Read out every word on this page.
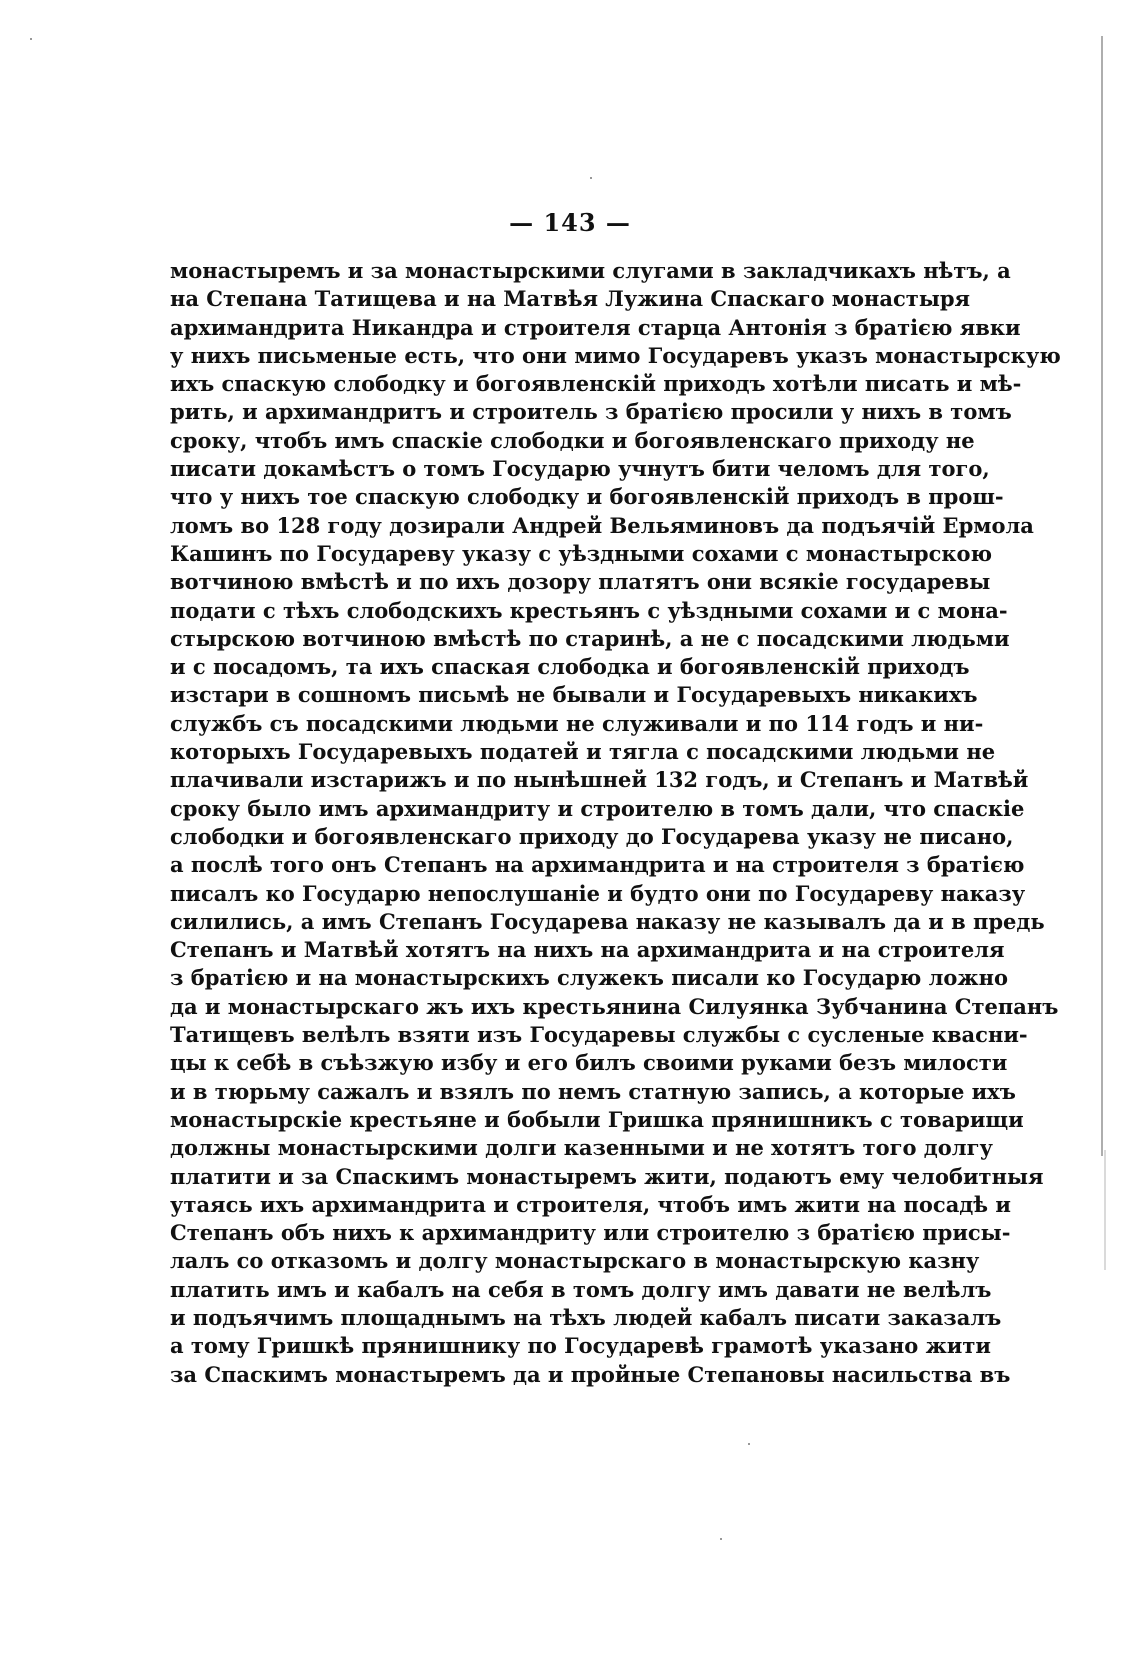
— 143 —
монастыремъ и за монастырскими слугами в закладчикахъ нѣтъ, а
на Степана Татищева и на Матвѣя Лужина Спаскаго монастыря
архимандрита Никандра и строителя старца Антонія з братією явки
у нихъ письменые есть, что они мимо Государевъ указъ монастырскую
ихъ спаскую слободку и богоявленскій приходъ хотѣли писать и мѣ-
рить, и архимандритъ и строитель з братією просили у нихъ в томъ
сроку, чтобъ имъ спаскіе слободки и богоявленскаго приходу не
писати докамѣстъ о томъ Государю учнутъ бити челомъ для того,
что у нихъ тое спаскую слободку и богоявленскій приходъ в прош-
ломъ во 128 году дозирали Андрей Вельяминовъ да подъячій Ермола
Кашинъ по Государеву указу с уѣздными сохами с монастырскою
вотчиною вмѣстѣ и по ихъ дозору платятъ они всякіе государевы
подати с тѣхъ слободскихъ крестьянъ с уѣздными сохами и с мона-
стырскою вотчиною вмѣстѣ по старинѣ, а не с посадскими людьми
и с посадомъ, та ихъ спаская слободка и богоявленскій приходъ
изстари в сошномъ письмѣ не бывали и Государевыхъ никакихъ
службъ съ посадскими людьми не служивали и по 114 годъ и ни-
которыхъ Государевыхъ податей и тягла с посадскими людьми не
плачивали изстарижъ и по нынѣшней 132 годъ, и Степанъ и Матвѣй
сроку было имъ архимандриту и строителю в томъ дали, что спаскіе
слободки и богоявленскаго приходу до Государева указу не писано,
а послѣ того онъ Степанъ на архимандрита и на строителя з братією
писалъ ко Государю непослушаніе и будто они по Государеву наказу
силились, а имъ Степанъ Государева наказу не казывалъ да и в предь
Степанъ и Матвѣй хотятъ на нихъ на архимандрита и на строителя
з братією и на монастырскихъ служекъ писали ко Государю ложно
да и монастырскаго жъ ихъ крестьянина Силуянка Зубчанина Степанъ
Татищевъ велѣлъ взяти изъ Государевы службы с сусленые квасни-
цы к себѣ в съѣзжую избу и его билъ своими руками безъ милости
и в тюрьму сажалъ и взялъ по немъ статную запись, а которые ихъ
монастырскіе крестьяне и бобыли Гришка прянишникъ с товарищи
должны монастырскими долги казенными и не хотятъ того долгу
платити и за Спаскимъ монастыремъ жити, подаютъ ему челобитныя
утаясь ихъ архимандрита и строителя, чтобъ имъ жити на посадѣ и
Степанъ объ нихъ к архимандриту или строителю з братією присы-
лалъ со отказомъ и долгу монастырскаго в монастырскую казну
платить имъ и кабалъ на себя в томъ долгу имъ давати не велѣлъ
и подъячимъ площаднымъ на тѣхъ людей кабалъ писати заказалъ
а тому Гришкѣ прянишнику по Государевѣ грамотѣ указано жити
за Спаскимъ монастыремъ да и пройные Степановы насильства въ
